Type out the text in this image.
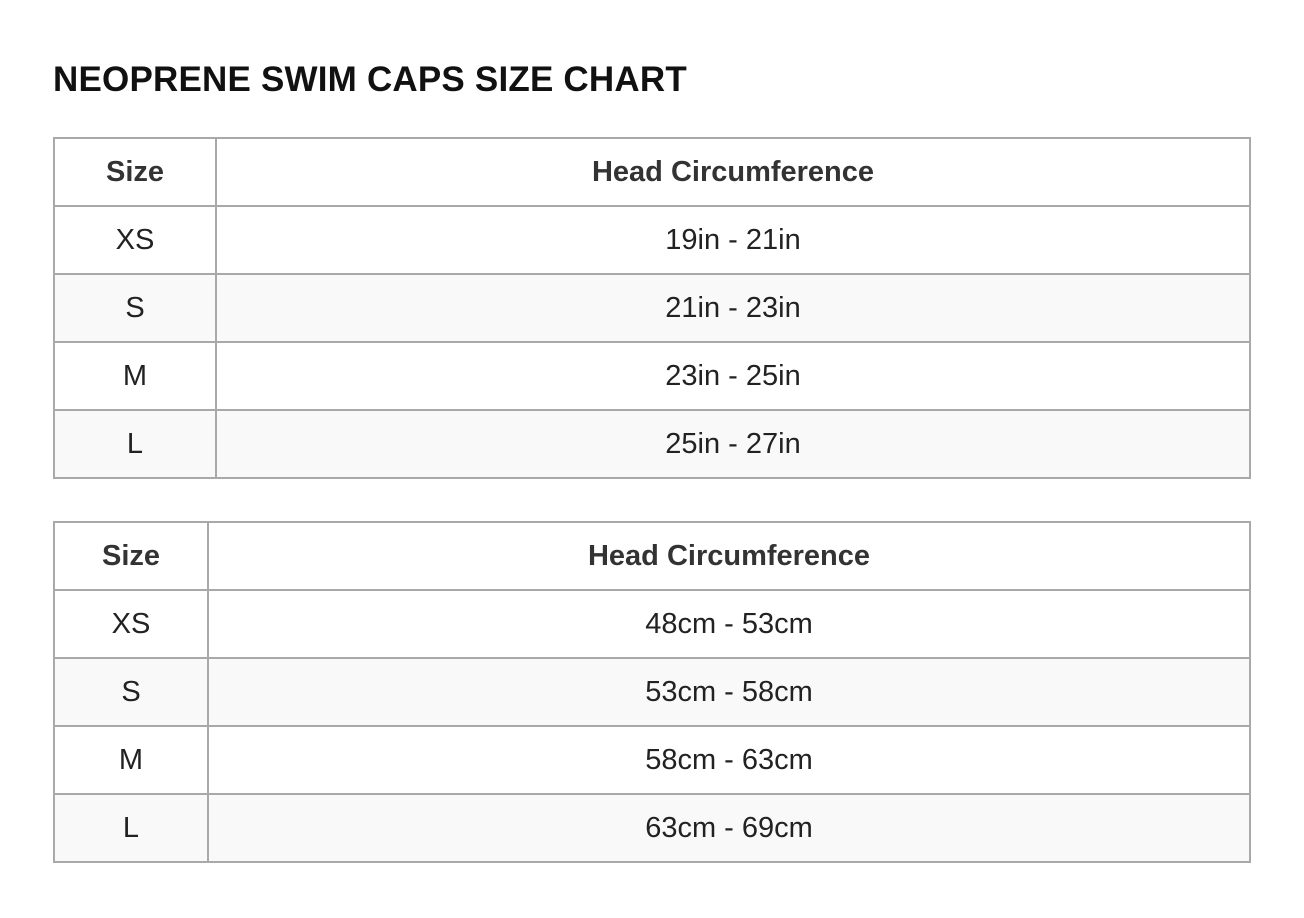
NEOPRENE SWIM CAPS SIZE CHART
Size	Head Circumference
XS	19in - 21in
S	21in - 23in
M	23in - 25in
L	25in - 27in
Size	Head Circumference
XS	48cm - 53cm
S	53cm - 58cm
M	58cm - 63cm
L	63cm - 69cm
